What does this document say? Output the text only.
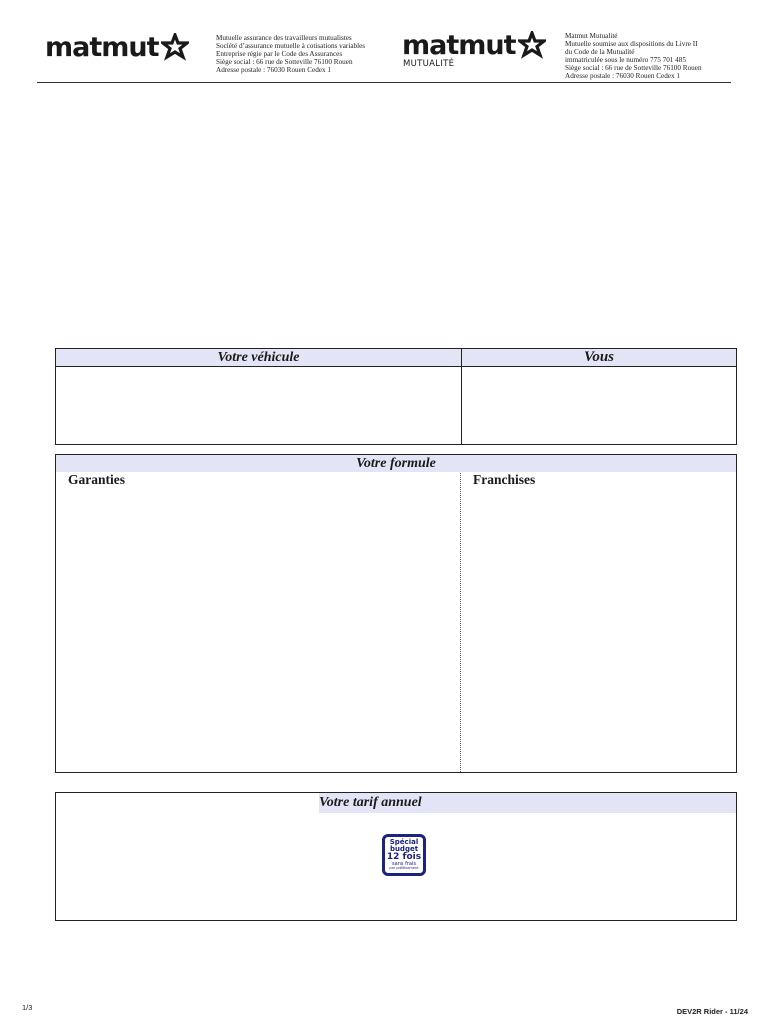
matmut	Mutuelle assurance des travailleurs mutualistes
Société d’assurance mutuelle à cotisations variables
Entreprise régie par le Code des Assurances
Siège social : 66 rue de Sotteville 76100 Rouen
Adresse postale : 76030 Rouen Cedex 1
matmut
MUTUALITÉ
Matmut Mutualité
Mutuelle soumise aux dispositions du Livre II
du Code de la Mutualité
immatriculée sous le numéro 775 701 485
Siège social : 66 rue de Sotteville 76100 Rouen
Adresse postale : 76030 Rouen Cedex 1
Votre véhicule	Vous
Votre formule
Garanties	Franchises
Votre tarif annuel
Spécial
budget
12 fois
sans frais
par prélèvement
1/3	DEV2R Rider - 11/24
